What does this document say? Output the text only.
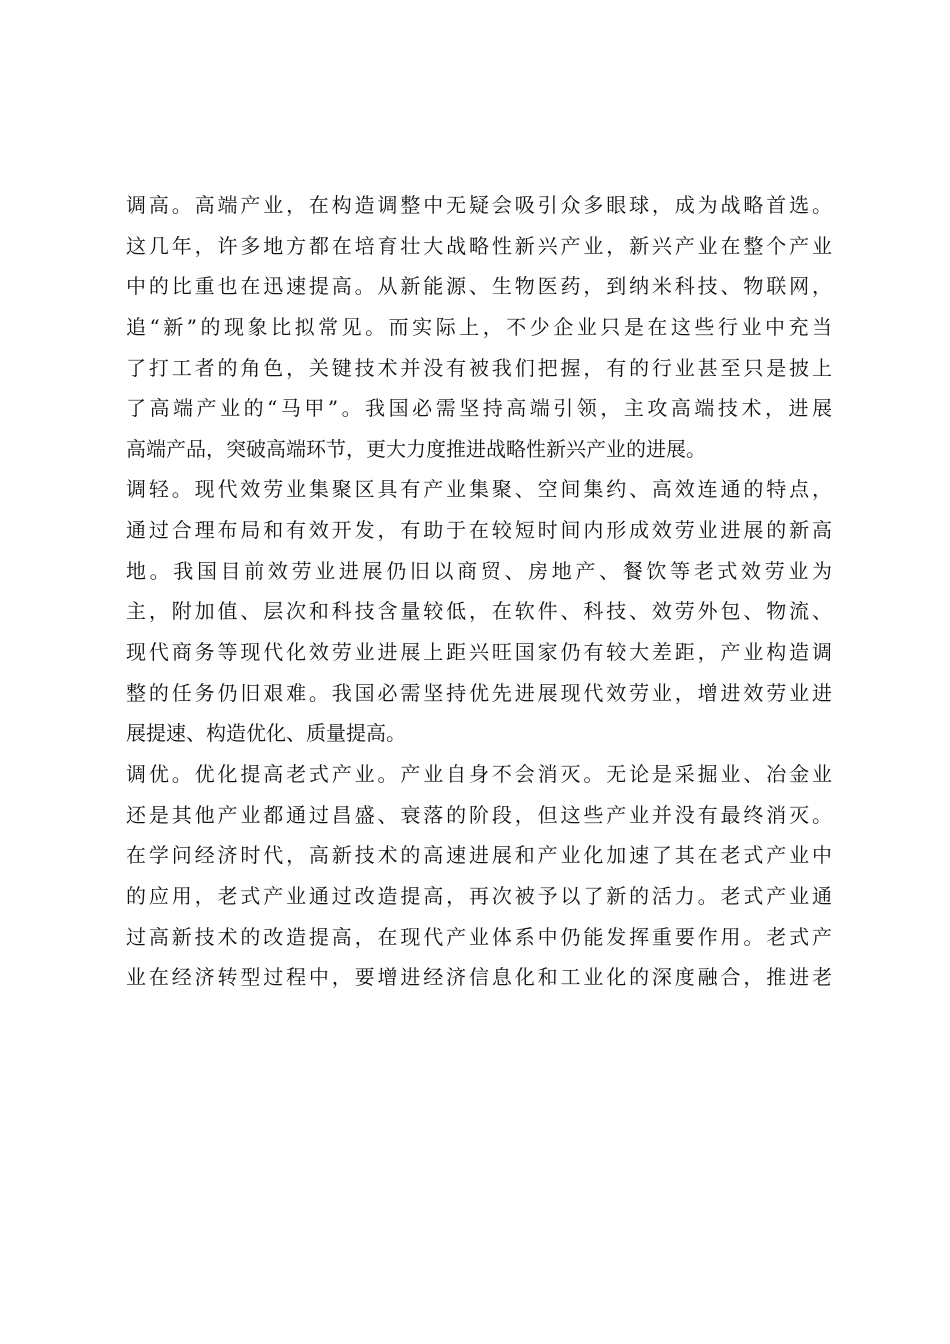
调高。高端产业，在构造调整中无疑会吸引众多眼球，成为战略首选。
这几年，许多地方都在培育壮大战略性新兴产业，新兴产业在整个产业
中的比重也在迅速提高。从新能源、生物医药，到纳米科技、物联网，
追“新”的现象比拟常见。而实际上，不少企业只是在这些行业中充当
了打工者的角色，关键技术并没有被我们把握，有的行业甚至只是披上
了高端产业的“马甲”。我国必需坚持高端引领，主攻高端技术，进展
高端产品，突破高端环节，更大力度推进战略性新兴产业的进展。
调轻。现代效劳业集聚区具有产业集聚、空间集约、高效连通的特点，
通过合理布局和有效开发，有助于在较短时间内形成效劳业进展的新高
地。我国目前效劳业进展仍旧以商贸、房地产、餐饮等老式效劳业为
主，附加值、层次和科技含量较低，在软件、科技、效劳外包、物流、
现代商务等现代化效劳业进展上距兴旺国家仍有较大差距，产业构造调
整的任务仍旧艰难。我国必需坚持优先进展现代效劳业，增进效劳业进
展提速、构造优化、质量提高。
调优。优化提高老式产业。产业自身不会消灭。无论是采掘业、冶金业
还是其他产业都通过昌盛、衰落的阶段，但这些产业并没有最终消灭。
在学问经济时代，高新技术的高速进展和产业化加速了其在老式产业中
的应用，老式产业通过改造提高，再次被予以了新的活力。老式产业通
过高新技术的改造提高，在现代产业体系中仍能发挥重要作用。老式产
业在经济转型过程中，要增进经济信息化和工业化的深度融合，推进老
